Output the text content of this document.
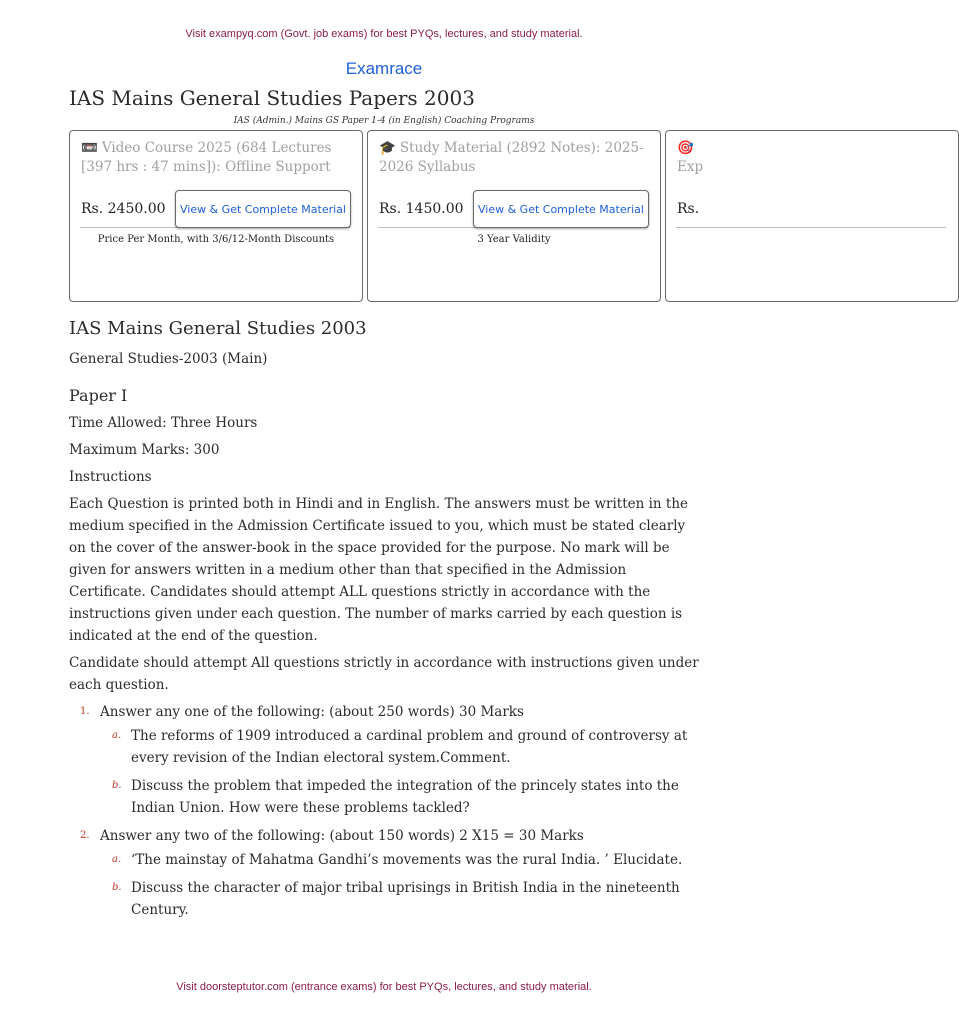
Visit exampyq.com (Govt. job exams) for best PYQs, lectures, and study material.
Examrace
IAS Mains General Studies Papers 2003
IAS (Admin.) Mains GS Paper 1-4 (in English) Coaching Programs
📼 Video Course 2025 (684 Lectures [397 hrs : 47 mins]): Offline Support
Rs. 2450.00	View & Get Complete Material
Price Per Month, with 3/6/12-Month Discounts
🎓 Study Material (2892 Notes): 2025-2026 Syllabus
Rs. 1450.00	View & Get Complete Material
3 Year Validity
🎯
Exp
Rs.
IAS Mains General Studies 2003

General Studies-2003 (Main)

Paper I

Time Allowed: Three Hours

Maximum Marks: 300

Instructions

Each Question is printed both in Hindi and in English. The answers must be written in the medium specified in the Admission Certificate issued to you, which must be stated clearly on the cover of the answer-book in the space provided for the purpose. No mark will be given for answers written in a medium other than that specified in the Admission Certificate. Candidates should attempt ALL questions strictly in accordance with the instructions given under each question. The number of marks carried by each question is indicated at the end of the question.

Candidate should attempt All questions strictly in accordance with instructions given under each question.

1. Answer any one of the following: (about 250 words) 30 Marks
a. The reforms of 1909 introduced a cardinal problem and ground of controversy at every revision of the Indian electoral system.Comment.
b. Discuss the problem that impeded the integration of the princely states into the Indian Union. How were these problems tackled?
2. Answer any two of the following: (about 150 words) 2 X15 = 30 Marks
a. ‘The mainstay of Mahatma Gandhi’s movements was the rural India. ’ Elucidate.
b. Discuss the character of major tribal uprisings in British India in the nineteenth Century.
Visit doorsteptutor.com (entrance exams) for best PYQs, lectures, and study material.
